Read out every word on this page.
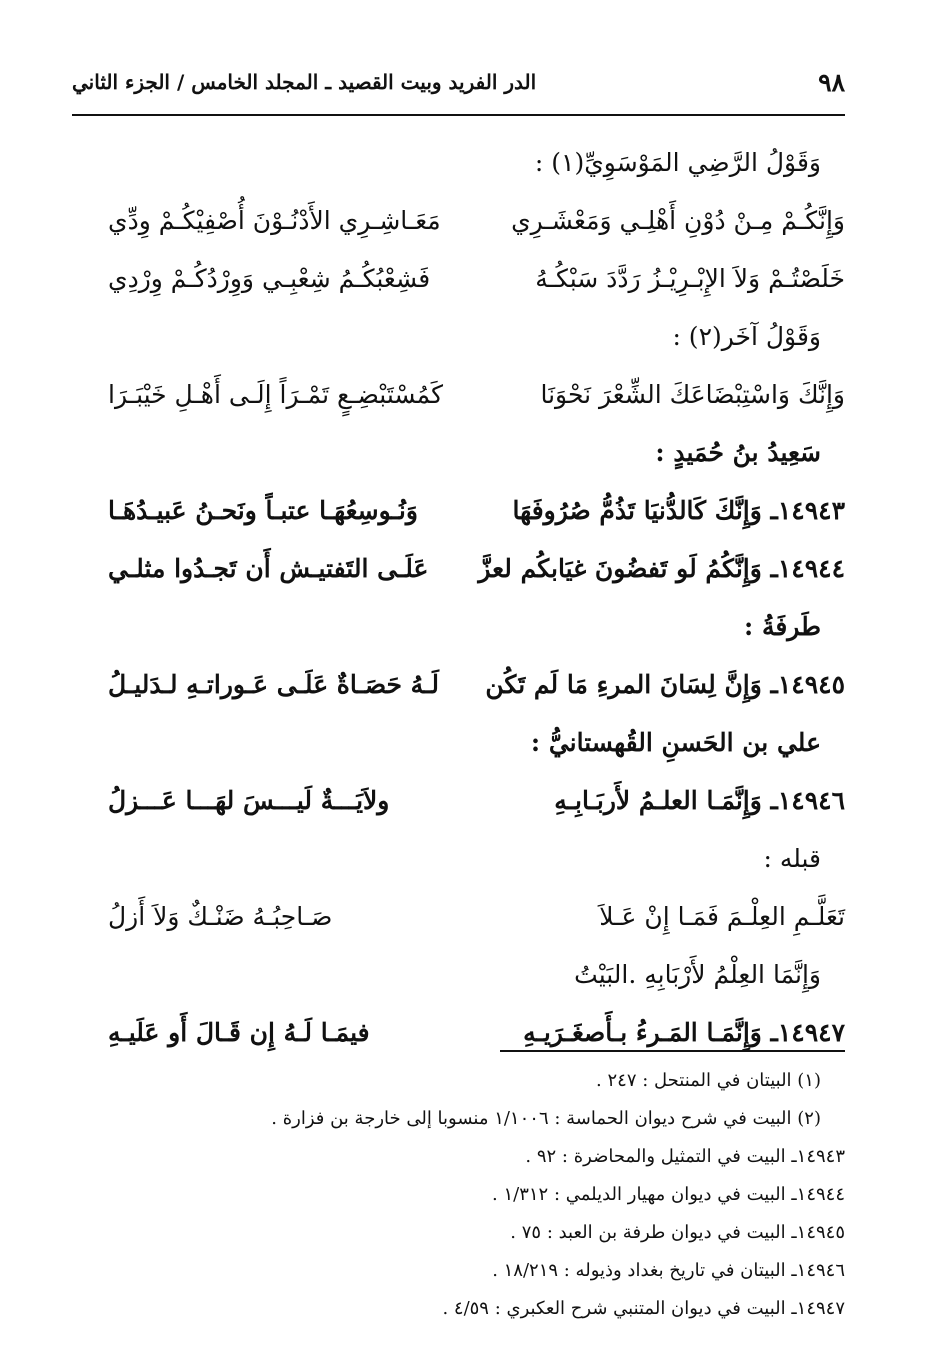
٩٨
الدر الفريد وبيت القصيد ـ المجلد الخامس / الجزء الثاني
وَقَوْلُ الرَّضِي المَوْسَوِيِّ(١) :
وَإِنَّكُـمْ مِـنْ دُوْنِ أَهْلِـي وَمَعْشَـرِي
مَعَـاشِـرِي الأَدْنُـوْنَ أُصْفِيْكُـمْ وِدِّي
خَلَصْتُـمْ وَلاَ الإِبْـرِيْـزُ رَدَّدَ سَبْكُـهُ
فَشِعْبُكُـمُ شِعْبِـي وَوِرْدُكُـمْ وِرْدِي
وَقَوْلُ آخَر(٢) :
وَإِنَّكَ وَاسْتِبْضَاعَكَ الشِّعْرَ نَحْوَنَا
كَمُسْتَبْضِـعٍ تَمْـرَاً إِلَـى أَهْـلِ خَيْبَـرَا
سَعِيدُ بنُ حُمَيدٍ :
١٤٩٤٣ـ وَإِنَّكَ كَالدُّنيَا تَذُمُّ صُرُوفَهَا
وَنُـوسِعُهَـا عتبـاً ونَحـنُ عَبيـدُهَـا
١٤٩٤٤ـ وَإِنَّكُمُ لَو تَفضُونَ غيَابكُم لعزَّ
عَلَـى التَفتيـش أَن تَجـدُوا مثلـي
طَرفَةُ :
١٤٩٤٥ـ وَإِنَّ لِسَانَ المرءِ مَا لَم تَكُن
لَـهُ حَصَـاةٌ عَلَـى عَـوراتـهِ لـدَليـلُ
علي بن الحَسنِ القُهستانيُّ :
١٤٩٤٦ـ وَإِنَّمَـا العلـمُ لأَربَـابِـهِ
ولاَيَـــةٌ لَيـــسَ لهَـــا عَـــزلُ
قبله :
تَعَلَّـمِ العِلْـمَ فَمَـا إِنْ عَـلاَ
صَـاحِبُـهُ ضَنْـكٌ وَلاَ أَزلُ
وَإِنَّمَا العِلْمُ لأَرْبَابِهِ .البَيْتُ
١٤٩٤٧ـ وَإِنَّمَـا المَـرءُ بـأَصغَـرَيـهِ
فيمَـا لَـهُ إِن قَـالَ أَو عَلَيـهِ
(١) البيتان في المنتحل : ٢٤٧ .
(٢) البيت في شرح ديوان الحماسة : ١/١٠٠٦ منسوبا إلى خارجة بن فزارة .
١٤٩٤٣ـ البيت في التمثيل والمحاضرة : ٩٢ .
١٤٩٤٤ـ البيت في ديوان مهيار الديلمي : ١/٣١٢ .
١٤٩٤٥ـ البيت في ديوان طرفة بن العبد : ٧٥ .
١٤٩٤٦ـ البيتان في تاريخ بغداد وذيوله : ١٨/٢١٩ .
١٤٩٤٧ـ البيت في ديوان المتنبي شرح العكبري : ٤/٥٩ .
